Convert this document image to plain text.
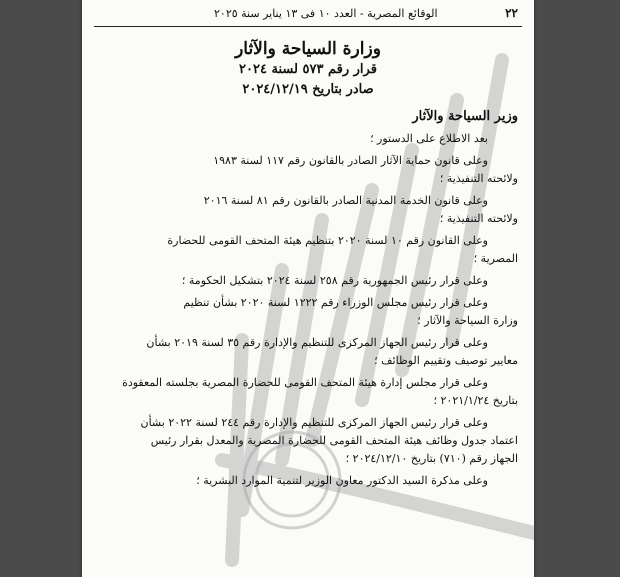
٢٢
الوقائع المصرية - العدد ١٠ فى ١٣ يناير سنة ٢٠٢٥
وزارة السياحة والآثار
قرار رقم ٥٧٣ لسنة ٢٠٢٤
صادر بتاريخ ٢٠٢٤/١٢/١٩
وزير السياحة والآثار
بعد الاطلاع على الدستور ؛
وعلى قانون حماية الآثار الصادر بالقانون رقم ١١٧ لسنة ١٩٨٣
ولائحته التنفيذية ؛
وعلى قانون الخدمة المدنية الصادر بالقانون رقم ٨١ لسنة ٢٠١٦
ولائحته التنفيذية ؛
وعلى القانون رقم ١٠ لسنة ٢٠٢٠ بتنظيم هيئة المتحف القومى للحضارة
المصرية ؛
وعلى قرار رئيس الجمهورية رقم ٢٥٨ لسنة ٢٠٢٤ بتشكيل الحكومة ؛
وعلى قرار رئيس مجلس الوزراء رقم ١٢٢٢ لسنة ٢٠٢٠ بشأن تنظيم
وزارة السياحة والآثار ؛
وعلى قرار رئيس الجهاز المركزى للتنظيم والإدارة رقم ٣٥ لسنة ٢٠١٩ بشأن
معايير توصيف وتقييم الوظائف ؛
وعلى قرار مجلس إدارة هيئة المتحف القومى للحضارة المصرية بجلسته المعقودة
بتاريخ ٢٠٢١/١/٢٤ ؛
وعلى قرار رئيس الجهاز المركزى للتنظيم والإدارة رقم ٢٤٤ لسنة ٢٠٢٢ بشأن
اعتماد جدول وظائف هيئة المتحف القومى للحضارة المصرية والمعدل بقرار رئيس
الجهاز رقم (٧١٠) بتاريخ ٢٠٢٤/١٢/١٠ ؛
وعلى مذكرة السيد الدكتور معاون الوزير لتنمية الموارد البشرية ؛
